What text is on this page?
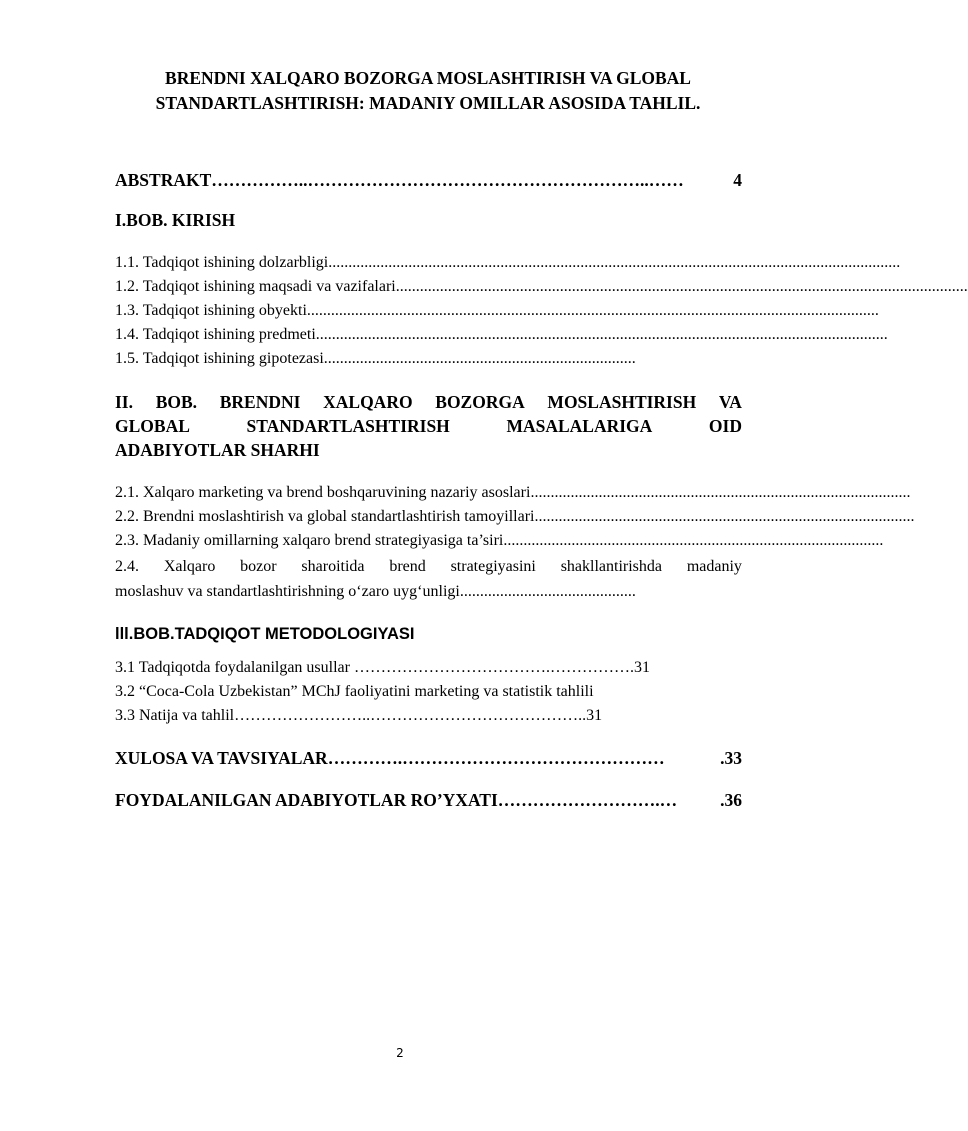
BRENDNI XALQARO BOZORGA MOSLASHTIRISH VA GLOBAL
STANDARTLASHTIRISH: MADANIY OMILLAR ASOSIDA TAHLIL.
ABSTRAKT ……………..…………………………………………………..……	4
I.BOB. KIRISH
1.1. Tadqiqot ishining dolzarbligi ...............................................................................................................................................
1.2. Tadqiqot ishining maqsadi va vazifalari ...............................................................................................................................................
1.3. Tadqiqot ishining obyekti ...............................................................................................................................................
1.4. Tadqiqot ishining predmeti ...............................................................................................................................................
1.5. Tadqiqot ishining gipotezasi..............................................................................
II. BOB. BRENDNI XALQARO BOZORGA MOSLASHTIRISH VA
GLOBAL	STANDARTLASHTIRISH	MASALALARIGA	OID
ADABIYOTLAR SHARHI
2.1. Xalqaro marketing va brend boshqaruvining nazariy asoslari ...............................................................................................
2.2. Brendni moslashtirish va global standartlashtirish tamoyillari ...............................................................................................
2.3. Madaniy omillarning xalqaro brend strategiyasiga ta’siri ...............................................................................................
2.4. Xalqaro bozor sharoitida brend strategiyasini shakllantirishda madaniy
moslashuv va standartlashtirishning o‘zaro uyg‘unligi............................................
lll.BOB.TADQIQOT METODOLOGIYASI
3.1 Tadqiqotda foydalanilgan usullar ……………………………….…………….31
3.2 “Coca-Cola Uzbekistan” MChJ faoliyatini marketing va statistik tahlili
3.3 Natija va tahlil……………………..…………………………………..31
XULOSA VA TAVSIYALAR ………….………………………………………	.33
FOYDALANILGAN ADABIYOTLAR RO’YXATI ……………………….…	.36
2
